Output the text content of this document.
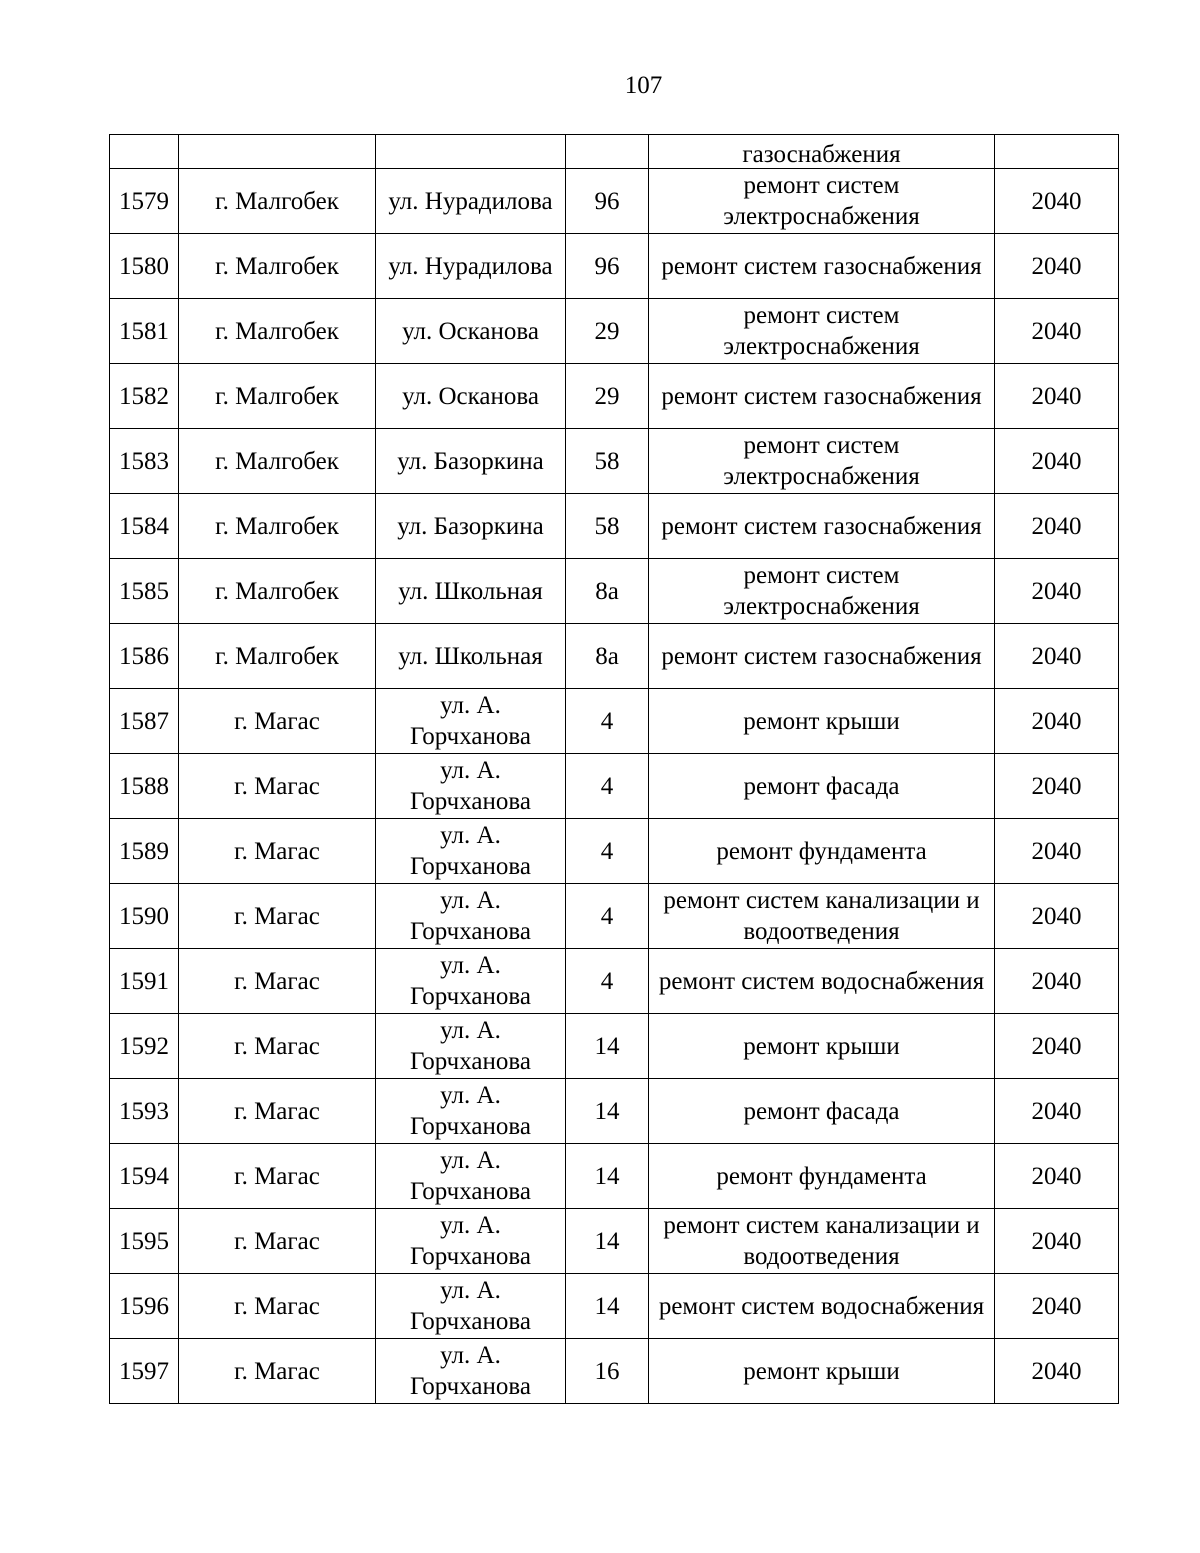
107
				газоснабжения	
1579	г. Малгобек	ул. Нурадилова	96	ремонт систем электроснабжения	2040
1580	г. Малгобек	ул. Нурадилова	96	ремонт систем газоснабжения	2040
1581	г. Малгобек	ул. Осканова	29	ремонт систем электроснабжения	2040
1582	г. Малгобек	ул. Осканова	29	ремонт систем газоснабжения	2040
1583	г. Малгобек	ул. Базоркина	58	ремонт систем электроснабжения	2040
1584	г. Малгобек	ул. Базоркина	58	ремонт систем газоснабжения	2040
1585	г. Малгобек	ул. Школьная	8а	ремонт систем электроснабжения	2040
1586	г. Малгобек	ул. Школьная	8а	ремонт систем газоснабжения	2040
1587	г. Магас	ул. А. Горчханова	4	ремонт крыши	2040
1588	г. Магас	ул. А. Горчханова	4	ремонт фасада	2040
1589	г. Магас	ул. А. Горчханова	4	ремонт фундамента	2040
1590	г. Магас	ул. А. Горчханова	4	ремонт систем канализации и водоотведения	2040
1591	г. Магас	ул. А. Горчханова	4	ремонт систем водоснабжения	2040
1592	г. Магас	ул. А. Горчханова	14	ремонт крыши	2040
1593	г. Магас	ул. А. Горчханова	14	ремонт фасада	2040
1594	г. Магас	ул. А. Горчханова	14	ремонт фундамента	2040
1595	г. Магас	ул. А. Горчханова	14	ремонт систем канализации и водоотведения	2040
1596	г. Магас	ул. А. Горчханова	14	ремонт систем водоснабжения	2040
1597	г. Магас	ул. А. Горчханова	16	ремонт крыши	2040
